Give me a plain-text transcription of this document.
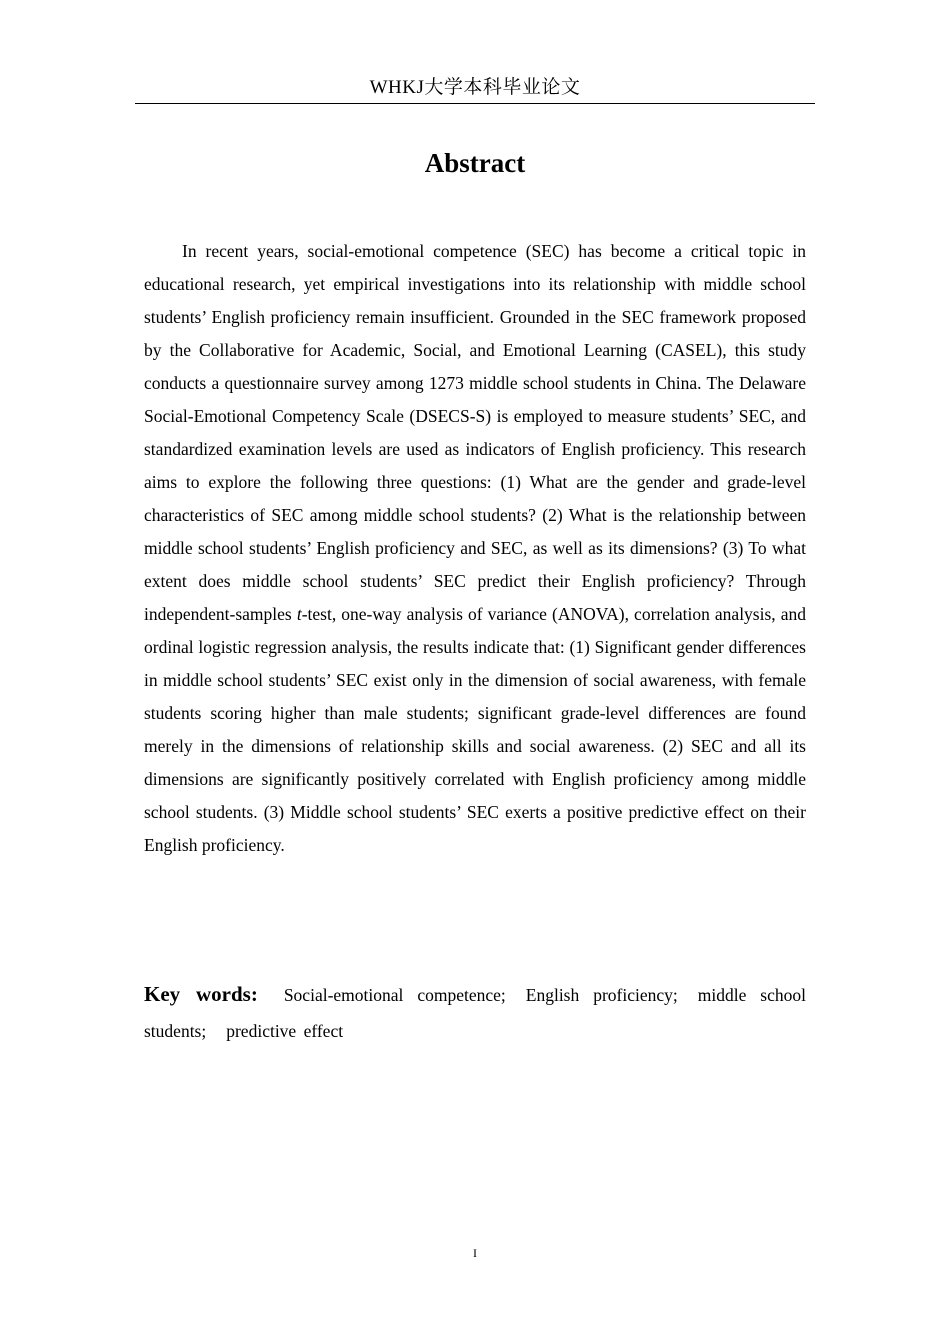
WHKJ大学本科毕业论文
Abstract

In recent years, social-emotional competence (SEC) has become a critical topic in educational research, yet empirical investigations into its relationship with middle school students’ English proficiency remain insufficient. Grounded in the SEC framework proposed by the Collaborative for Academic, Social, and Emotional Learning (CASEL), this study conducts a questionnaire survey among 1273 middle school students in China. The Delaware Social-Emotional Competency Scale (DSECS-S) is employed to measure students’ SEC, and standardized examination levels are used as indicators of English proficiency. This research aims to explore the following three questions: (1) What are the gender and grade-level characteristics of SEC among middle school students? (2) What is the relationship between middle school students’ English proficiency and SEC, as well as its dimensions? (3) To what extent does middle school students’ SEC predict their English proficiency? Through independent-samples t-test, one-way analysis of variance (ANOVA), correlation analysis, and ordinal logistic regression analysis, the results indicate that: (1) Significant gender differences in middle school students’ SEC exist only in the dimension of social awareness, with female students scoring higher than male students; significant grade-level differences are found merely in the dimensions of relationship skills and social awareness. (2) SEC and all its dimensions are significantly positively correlated with English proficiency among middle school students. (3) Middle school students’ SEC exerts a positive predictive effect on their English proficiency.

Key words: Social-emotional competence; English proficiency; middle school students; predictive effect

I
